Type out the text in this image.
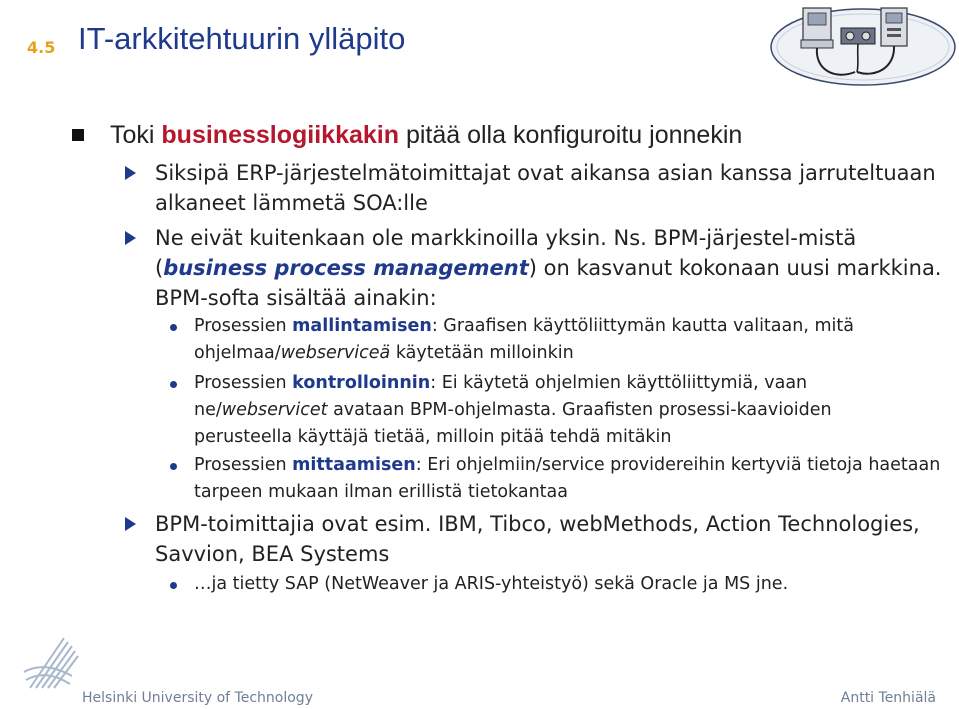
4.5 IT-arkkitehtuurin ylläpito
Toki businesslogiikkakin pitää olla konfiguroitu jonnekin
Siksipä ERP-järjestelmätoimittajat ovat aikansa asian kanssa jarruteltuaan alkaneet lämmetä SOA:lle
Ne eivät kuitenkaan ole markkinoilla yksin. Ns. BPM-järjestel-mistä (business process management) on kasvanut kokonaan uusi markkina. BPM-softa sisältää ainakin:
Prosessien mallintamisen: Graafisen käyttöliittymän kautta valitaan, mitä ohjelmaa/webserviceä käytetään milloinkin
Prosessien kontrolloinnin: Ei käytetä ohjelmien käyttöliittymiä, vaan ne/webservicet avataan BPM-ohjelmasta. Graafisten prosessi-kaavioiden perusteella käyttäjä tietää, milloin pitää tehdä mitäkin
Prosessien mittaamisen: Eri ohjelmiin/service providereihin kertyviä tietoja haetaan tarpeen mukaan ilman erillistä tietokantaa
BPM-toimittajia ovat esim. IBM, Tibco, webMethods, Action Technologies, Savvion, BEA Systems
…ja tietty SAP (NetWeaver ja ARIS-yhteistyö) sekä Oracle ja MS jne.
Helsinki University of Technology	Antti Tenhiälä
